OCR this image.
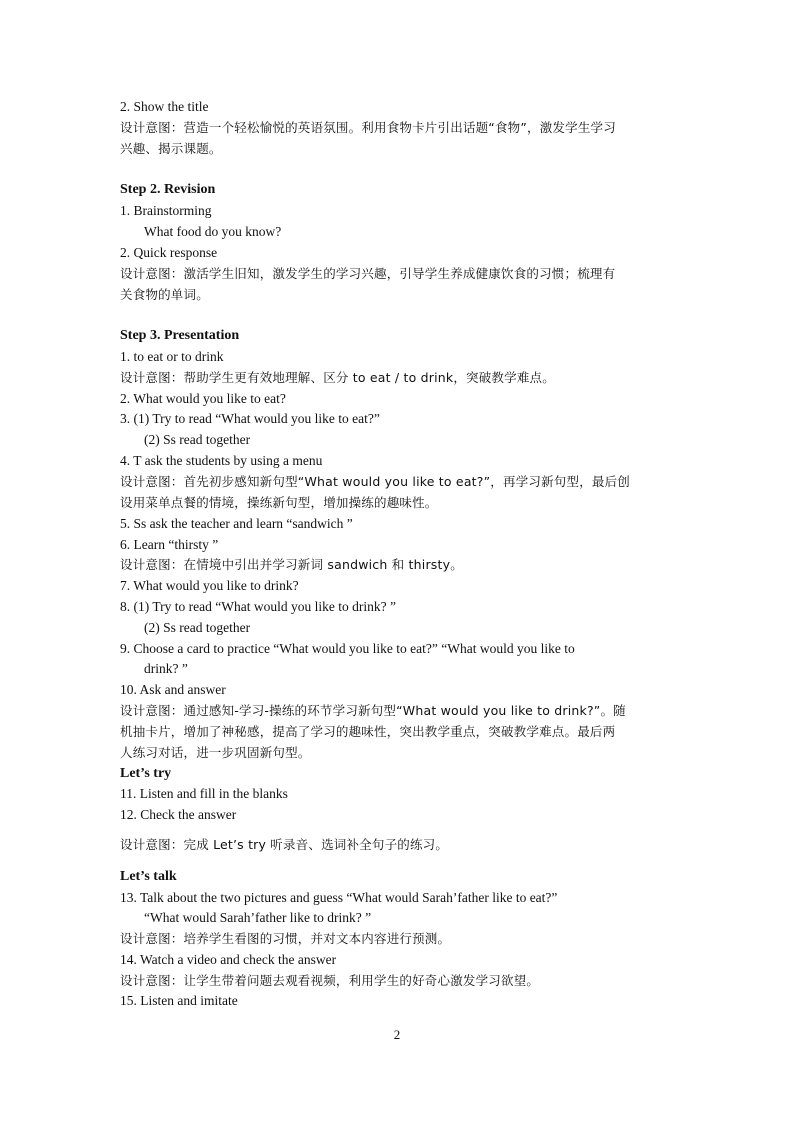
2. Show the title
设计意图：营造一个轻松愉悦的英语氛围。利用食物卡片引出话题“食物”，激发学生学习
兴趣、揭示课题。
Step 2. Revision
1. Brainstorming
What food do you know?
2. Quick response
设计意图：激活学生旧知，激发学生的学习兴趣，引导学生养成健康饮食的习惯；梳理有
关食物的单词。
Step 3. Presentation
1. to eat or to drink
设计意图：帮助学生更有效地理解、区分 to eat / to drink，突破教学难点。
2. What would you like to eat?
3. (1) Try to read “What would you like to eat?”
(2) Ss read together
4. T ask the students by using a menu
设计意图：首先初步感知新句型“What would you like to eat?”，再学习新句型，最后创
设用菜单点餐的情境，操练新句型，增加操练的趣味性。
5. Ss ask the teacher and learn “sandwich ”
6. Learn “thirsty ”
设计意图：在情境中引出并学习新词 sandwich 和 thirsty。
7. What would you like to drink?
8. (1) Try to read “What would you like to drink? ”
(2) Ss read together
9. Choose a card to practice “What would you like to eat?” “What would you like to
drink? ”
10. Ask and answer
设计意图：通过感知-学习-操练的环节学习新句型“What would you like to drink?”。随
机抽卡片，增加了神秘感，提高了学习的趣味性，突出教学重点，突破教学难点。最后两
人练习对话，进一步巩固新句型。
Let’s try
11. Listen and fill in the blanks
12. Check the answer
设计意图：完成 Let’s try 听录音、选词补全句子的练习。
Let’s talk
13. Talk about the two pictures and guess “What would Sarah’father like to eat?”
“What would Sarah’father like to drink? ”
设计意图：培养学生看图的习惯，并对文本内容进行预测。
14. Watch a video and check the answer
设计意图：让学生带着问题去观看视频，利用学生的好奇心激发学习欲望。
15. Listen and imitate
2
